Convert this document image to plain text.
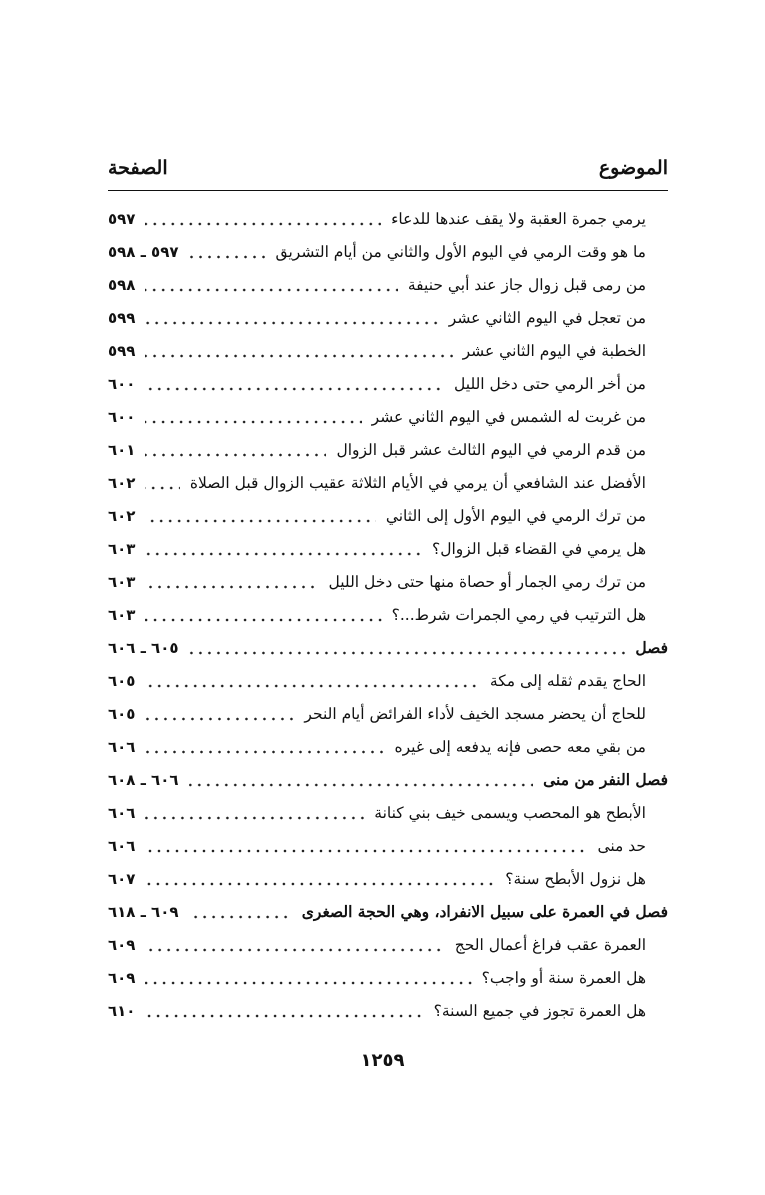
الموضوع
الصفحة
يرمي جمرة العقبة ولا يقف عندها للدعاء
٥٩٧
ما هو وقت الرمي في اليوم الأول والثاني من أيام التشريق
٥٩٧ ـ ٥٩٨
من رمى قبل زوال جاز عند أبي حنيفة
٥٩٨
من تعجل في اليوم الثاني عشر
٥٩٩
الخطبة في اليوم الثاني عشر
٥٩٩
من أخر الرمي حتى دخل الليل
٦٠٠
من غربت له الشمس في اليوم الثاني عشر
٦٠٠
من قدم الرمي في اليوم الثالث عشر قبل الزوال
٦٠١
الأفضل عند الشافعي أن يرمي في الأيام الثلاثة عقيب الزوال قبل الصلاة
٦٠٢
من ترك الرمي في اليوم الأول إلى الثاني
٦٠٢
هل يرمي في القضاء قبل الزوال؟
٦٠٣
من ترك رمي الجمار أو حصاة منها حتى دخل الليل
٦٠٣
هل الترتيب في رمي الجمرات شرط...؟
٦٠٣
فصل
٦٠٥ ـ ٦٠٦
الحاج يقدم ثقله إلى مكة
٦٠٥
للحاج أن يحضر مسجد الخيف لأداء الفرائض أيام النحر
٦٠٥
من بقي معه حصى فإنه يدفعه إلى غيره
٦٠٦
فصل النفر من منى
٦٠٦ ـ ٦٠٨
الأبطح هو المحصب ويسمى خيف بني كنانة
٦٠٦
حد منى
٦٠٦
هل نزول الأبطح سنة؟
٦٠٧
فصل في العمرة على سبيل الانفراد، وهي الحجة الصغرى
٦٠٩ ـ ٦١٨
العمرة عقب فراغ أعمال الحج
٦٠٩
هل العمرة سنة أو واجب؟
٦٠٩
هل العمرة تجوز في جميع السنة؟
٦١٠
١٢٥٩
